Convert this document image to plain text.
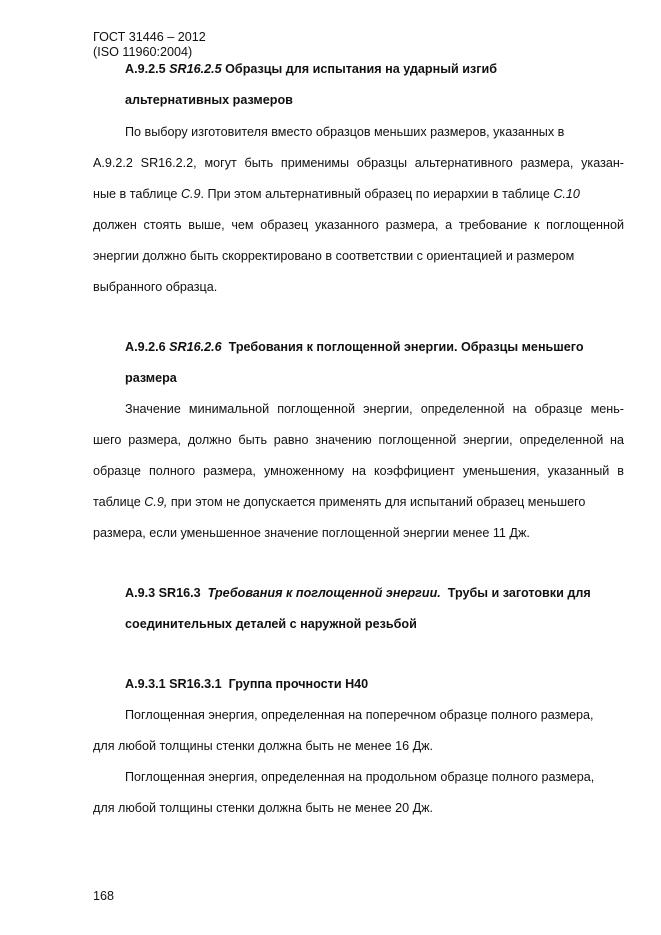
ГОСТ 31446 – 2012
(ISO 11960:2004)
А.9.2.5 SR16.2.5 Образцы для испытания на ударный изгиб
альтернативных размеров
По выбору изготовителя вместо образцов меньших размеров, указанных в
А.9.2.2 SR16.2.2, могут быть применимы образцы альтернативного размера, указан-
ные в таблице С.9. При этом альтернативный образец по иерархии в таблице С.10
должен стоять выше, чем образец указанного размера, а требование к поглощенной
энергии должно быть скорректировано в соответствии с ориентацией и размером
выбранного образца.
А.9.2.6 SR16.2.6 Требования к поглощенной энергии. Образцы меньшего
размера
Значение минимальной поглощенной энергии, определенной на образце мень-
шего размера, должно быть равно значению поглощенной энергии, определенной на
образце полного размера, умноженному на коэффициент уменьшения, указанный в
таблице С.9, при этом не допускается применять для испытаний образец меньшего
размера, если уменьшенное значение поглощенной энергии менее 11 Дж.
А.9.3 SR16.3 Требования к поглощенной энергии. Трубы и заготовки для
соединительных деталей с наружной резьбой
А.9.3.1 SR16.3.1 Группа прочности Н40
Поглощенная энергия, определенная на поперечном образце полного размера,
для любой толщины стенки должна быть не менее 16 Дж.
Поглощенная энергия, определенная на продольном образце полного размера,
для любой толщины стенки должна быть не менее 20 Дж.
168
